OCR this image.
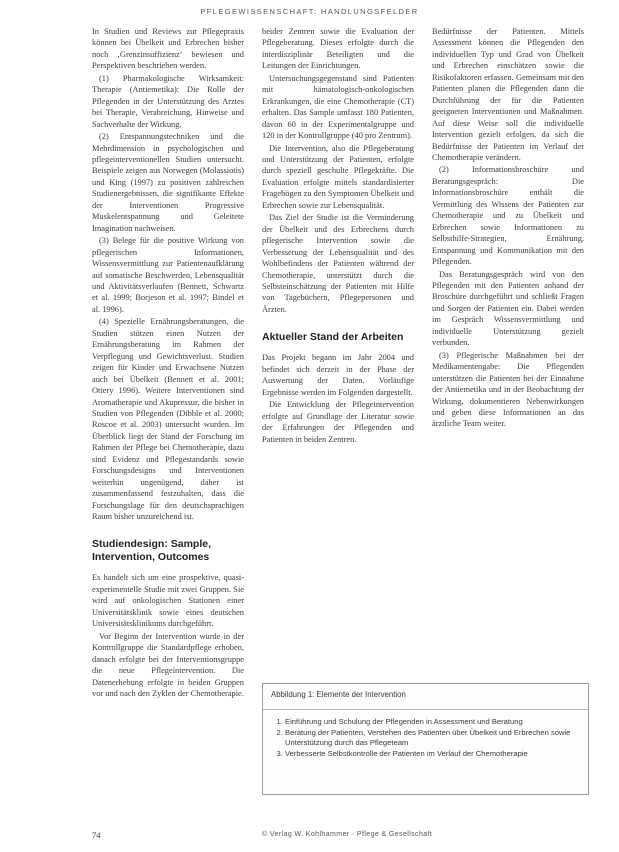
PFLEGEWISSENSCHAFT: HANDLUNGSFELDER

In Studien und Reviews zur Pflegepraxis können bei Übelkeit und Erbrechen bisher noch ‚Grenzinsuffizienz‘ bewiesen und Perspektiven beschrieben werden.

(1) Pharmakologische Wirksamkeit: Therapie (Antiemetika): Die Rolle der Pflegenden in der Unterstützung des Arztes bei Therapie, Verabreichung, Hinweise und Sachverhalte der Wirkung.

(2) Entspannungstechniken und die Mehrdimension in psychologischen und pflegeinterventionellen Studien untersucht. Beispiele zeigen aus Norwegen (Molassiotis) und King (1997) zu positiven zahlreichen Studienergebnissen, die signifikante Effekte der Interventionen Progressive Muskelentspannung und Geleitete Imagination nachweisen.

(3) Belege für die positive Wirkung von pflegerischen Informationen, Wissensvermittlung zur Patientenaufklärung auf somatische Beschwerden, Lebensqualität und Aktivitätsverlaufen (Bennett, Schwartz et al. 1999; Borjeson et al. 1997; Bindel et al. 1996).

(4) Spezielle Ernährungsberatungen, die Studien stützen einen Nutzen der Ernährungsberatung im Rahmen der Verpflegung und Gewichtsverlust. Studien zeigen für Kinder und Erwachsene Nutzen auch bei Übelkeit (Bennett et al. 2001; Ottery 1996). Weitere Interventionen sind Aromatherapie und Akupressur, die bisher in Studien von Pflegenden (Dibble et al. 2000; Roscoe et al. 2003) untersucht wurden. Im Überblick liegt der Stand der Forschung im Rahmen der Pflege bei Chemotherapie, dazu sind Evidenz und Pflegestandards sowie Forschungsdesigns und Interventionen weiterhin ungenügend, daher ist zusammenfassend festzuhalten, dass die Forschungslage für den deutschsprachigen Raum bisher unzureichend ist.

Studiendesign: Sample, Intervention, Outcomes

Es handelt sich um eine prospektive, quasi-experimentelle Studie mit zwei Gruppen. Sie wird auf onkologischen Stationen einer Universitätsklinik sowie eines deutschen Universitätsklinikums durchgeführt.

Vor Beginn der Intervention wurde in der Kontrollgruppe die Standardpflege erhoben, danach erfolgte bei der Interventionsgruppe die neue Pflegeintervention. Die Datenerhebung erfolgte in beiden Gruppen vor und nach den Zyklen der Chemotherapie.

beider Zentren sowie die Evaluation der Pflegeberatung. Dieses erfolgte durch die interdisziplinär Beteiligten und die Leitungen der Einrichtungen.

Untersuchungsgegenstand sind Patienten mit hämatologisch-onkologischen Erkrankungen, die eine Chemotherapie (CT) erhalten. Das Sample umfasst 180 Patienten, davon 60 in der Experimentalgruppe und 120 in der Kontrollgruppe (40 pro Zentrum).

Die Intervention, also die Pflegeberatung und Unterstützung der Patienten, erfolgte durch speziell geschulte Pflegekräfte. Die Evaluation erfolgte mittels standardisierter Fragebögen zu den Symptomen Übelkeit und Erbrechen sowie zur Lebensqualität.

Das Ziel der Studie ist die Verminderung der Übelkeit und des Erbrechens durch pflegerische Intervention sowie die Verbesserung der Lebensqualität und des Wohlbefindens der Patienten während der Chemotherapie, unterstützt durch die Selbsteinschätzung der Patienten mit Hilfe von Tagebüchern, Pflegepersonen und Ärzten.

Aktueller Stand der Arbeiten

Das Projekt begann im Jahr 2004 und befindet sich derzeit in der Phase der Auswertung der Daten. Vorläufige Ergebnisse werden im Folgenden dargestellt.

Die Entwicklung der Pflegeintervention erfolgte auf Grundlage der Literatur sowie der Erfahrungen der Pflegenden und Patienten in beiden Zentren.

Bedürfnisse der Patienten. Mittels Assessment können die Pflegenden den individuellen Typ und Grad von Übelkeit und Erbrechen einschätzen sowie die Risikofaktoren erfassen. Gemeinsam mit den Patienten planen die Pflegenden dann die Durchführung der für die Patienten geeigneten Interventionen und Maßnahmen. Auf diese Weise soll die individuelle Intervention gezielt erfolgen, da sich die Bedürfnisse der Patienten im Verlauf der Chemotherapie verändern.

(2) Informationsbroschüre und Beratungsgespräch: Die Informationsbroschüre enthält die Vermittlung des Wissens der Patienten zur Chemotherapie und zu Übelkeit und Erbrechen sowie Informationen zu Selbsthilfe-Strategien, Ernährung, Entspannung und Kommunikation mit den Pflegenden.

Das Beratungsgespräch wird von den Pflegenden mit den Patienten anhand der Broschüre durchgeführt und schließt Fragen und Sorgen der Patienten ein. Dabei werden im Gespräch Wissensvermittlung und individuelle Unterstützung gezielt verbunden.

(3) Pflegerische Maßnahmen bei der Medikamentengabe: Die Pflegenden unterstützen die Patienten bei der Einnahme der Antiemetika und in der Beobachtung der Wirkung, dokumentieren Nebenwirkungen und geben diese Informationen an das ärztliche Team weiter.

Abbildung 1: Elemente der Intervention
1. Einführung und Schulung der Pflegenden in Assessment und Beratung
2. Beratung der Patienten, Verstehen des Patienten über Übelkeit und Erbrechen sowie Unterstützung durch das Pflegeteam
3. Verbesserte Selbstkontrolle der Patienten im Verlauf der Chemotherapie
74	© Verlag W. Kohlhammer · Pflege & Gesellschaft
